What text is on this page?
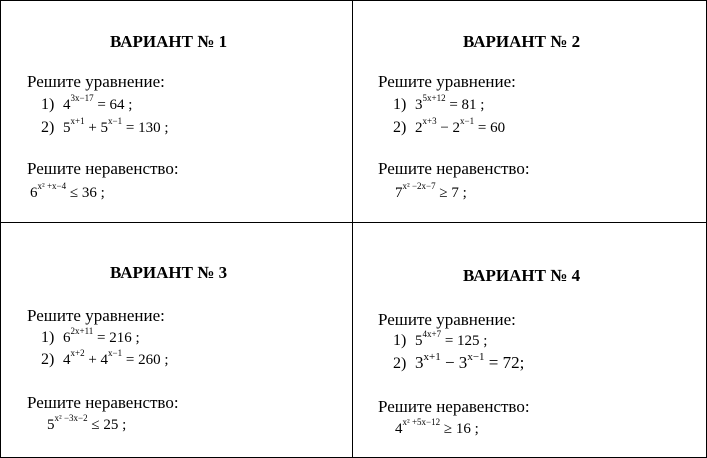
ВАРИАНТ № 1
Решите уравнение:
1) $4^{3x-17} = 64$ ;
2) $5^{x+1} + 5^{x-1} = 130$ ;
Решите неравенство:
$6^{x^2 +x-4} \le 36$ ;
ВАРИАНТ № 2
Решите уравнение:
1) $3^{5x+12} = 81$ ;
2) $2^{x+3} - 2^{x-1} = 60$
Решите неравенство:
$7^{x^2 -2x-7} \ge 7$ ;
ВАРИАНТ № 3
Решите уравнение:
1) $6^{2x+11} = 216$ ;
2) $4^{x+2} + 4^{x-1} = 260$ ;
Решите неравенство:
$5^{x^2 -3x-2} \le 25$ ;
ВАРИАНТ № 4
Решите уравнение:
1) $5^{4x+7} = 125$ ;
2) $3^{x+1} - 3^{x-1} = 72$;
Решите неравенство:
$4^{x^2 +5x-12} \ge 16$ ;
